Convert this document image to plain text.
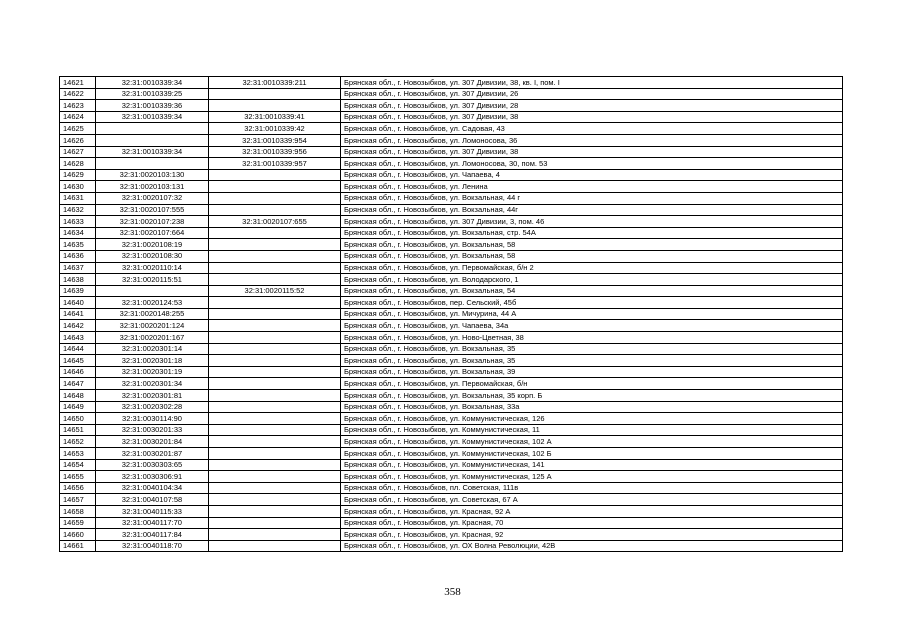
14621	32:31:0010339:34	32:31:0010339:211	Брянская обл., г. Новозыбков, ул. 307 Дивизии, 38, кв. I, пом. I
14622	32:31:0010339:25		Брянская обл., г. Новозыбков, ул. 307 Дивизии, 26
14623	32:31:0010339:36		Брянская обл., г. Новозыбков, ул. 307 Дивизии, 28
14624	32:31:0010339:34	32:31:0010339:41	Брянская обл., г. Новозыбков, ул. 307 Дивизии, 38
14625		32:31:0010339:42	Брянская обл., г. Новозыбков, ул. Садовая, 43
14626		32:31:0010339:954	Брянская обл., г. Новозыбков, ул. Ломоносова, 36
14627	32:31:0010339:34	32:31:0010339:956	Брянская обл., г. Новозыбков, ул. 307 Дивизии, 38
14628		32:31:0010339:957	Брянская обл., г. Новозыбков, ул. Ломоносова, 30, пом. 53
14629	32:31:0020103:130		Брянская обл., г. Новозыбков, ул. Чапаева, 4
14630	32:31:0020103:131		Брянская обл., г. Новозыбков, ул. Ленина
14631	32:31:0020107:32		Брянская обл., г. Новозыбков, ул. Вокзальная, 44 г
14632	32:31:0020107:555		Брянская обл., г. Новозыбков, ул. Вокзальная, 44г
14633	32:31:0020107:238	32:31:0020107:655	Брянская обл., г. Новозыбков, ул. 307 Дивизии, 3, пом. 46
14634	32:31:0020107:664		Брянская обл., г. Новозыбков, ул. Вокзальная, стр. 54А
14635	32:31:0020108:19		Брянская обл., г. Новозыбков, ул. Вокзальная, 58
14636	32:31:0020108:30		Брянская обл., г. Новозыбков, ул. Вокзальная, 58
14637	32:31:0020110:14		Брянская обл., г. Новозыбков, ул. Первомайская, б/н 2
14638	32:31:0020115:51		Брянская обл., г. Новозыбков, ул. Володарского, 1
14639		32:31:0020115:52	Брянская обл., г. Новозыбков, ул. Вокзальная, 54
14640	32:31:0020124:53		Брянская обл., г. Новозыбков, пер. Сельский, 45б
14641	32:31:0020148:255		Брянская обл., г. Новозыбков, ул. Мичурина, 44 А
14642	32:31:0020201:124		Брянская обл., г. Новозыбков, ул. Чапаева, 34а
14643	32:31:0020201:167		Брянская обл., г. Новозыбков, ул. Ново-Цветная, 38
14644	32:31:0020301:14		Брянская обл., г. Новозыбков, ул. Вокзальная, 35
14645	32:31:0020301:18		Брянская обл., г. Новозыбков, ул. Вокзальная, 35
14646	32:31:0020301:19		Брянская обл., г. Новозыбков, ул. Вокзальная, 39
14647	32:31:0020301:34		Брянская обл., г. Новозыбков, ул. Первомайская, б/н
14648	32:31:0020301:81		Брянская обл., г. Новозыбков, ул. Вокзальная, 35 корп. Б
14649	32:31:0020302:28		Брянская обл., г. Новозыбков, ул. Вокзальная, 33а
14650	32:31:0030114:90		Брянская обл., г. Новозыбков, ул. Коммунистическая, 126
14651	32:31:0030201:33		Брянская обл., г. Новозыбков, ул. Коммунистическая, 11
14652	32:31:0030201:84		Брянская обл., г. Новозыбков, ул. Коммунистическая, 102 А
14653	32:31:0030201:87		Брянская обл., г. Новозыбков, ул. Коммунистическая, 102 Б
14654	32:31:0030303:65		Брянская обл., г. Новозыбков, ул. Коммунистическая, 141
14655	32:31:0030306:91		Брянская обл., г. Новозыбков, ул. Коммунистическая, 125 А
14656	32:31:0040104:34		Брянская обл., г. Новозыбков, пл. Советская, 111в
14657	32:31:0040107:58		Брянская обл., г. Новозыбков, ул. Советская, 67 А
14658	32:31:0040115:33		Брянская обл., г. Новозыбков, ул. Красная, 92 А
14659	32:31:0040117:70		Брянская обл., г. Новозыбков, ул. Красная, 70
14660	32:31:0040117:84		Брянская обл., г. Новозыбков, ул. Красная, 92
14661	32:31:0040118:70		Брянская обл., г. Новозыбков, ул. ОХ Волна Революции, 42В
358
